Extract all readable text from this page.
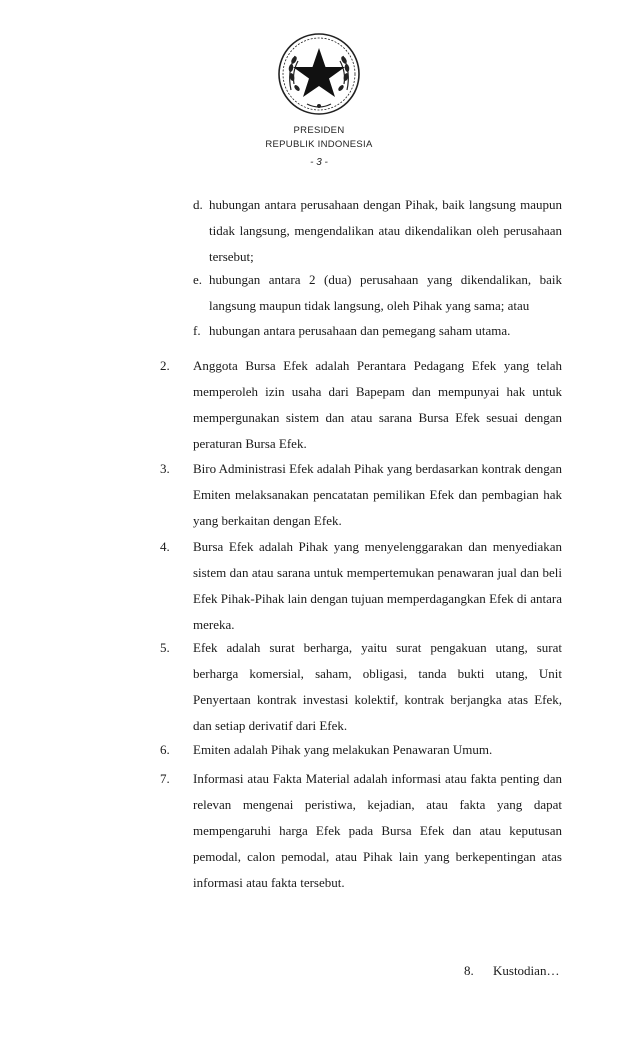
PRESIDEN
REPUBLIK INDONESIA
- 3 -
d. hubungan antara perusahaan dengan Pihak, baik langsung maupun tidak langsung, mengendalikan atau dikendalikan oleh perusahaan tersebut;
e. hubungan antara 2 (dua) perusahaan yang dikendalikan, baik langsung maupun tidak langsung, oleh Pihak yang sama; atau
f. hubungan antara perusahaan dan pemegang saham utama.
2. Anggota Bursa Efek adalah Perantara Pedagang Efek yang telah memperoleh izin usaha dari Bapepam dan mempunyai hak untuk mempergunakan sistem dan atau sarana Bursa Efek sesuai dengan peraturan Bursa Efek.
3. Biro Administrasi Efek adalah Pihak yang berdasarkan kontrak dengan Emiten melaksanakan pencatatan pemilikan Efek dan pembagian hak yang berkaitan dengan Efek.
4. Bursa Efek adalah Pihak yang menyelenggarakan dan menyediakan sistem dan atau sarana untuk mempertemukan penawaran jual dan beli Efek Pihak-Pihak lain dengan tujuan memperdagangkan Efek di antara mereka.
5. Efek adalah surat berharga, yaitu surat pengakuan utang, surat berharga komersial, saham, obligasi, tanda bukti utang, Unit Penyertaan kontrak investasi kolektif, kontrak berjangka atas Efek, dan setiap derivatif dari Efek.
6. Emiten adalah Pihak yang melakukan Penawaran Umum.
7. Informasi atau Fakta Material adalah informasi atau fakta penting dan relevan mengenai peristiwa, kejadian, atau fakta yang dapat mempengaruhi harga Efek pada Bursa Efek dan atau keputusan pemodal, calon pemodal, atau Pihak lain yang berkepentingan atas informasi atau fakta tersebut.
8. Kustodian…
